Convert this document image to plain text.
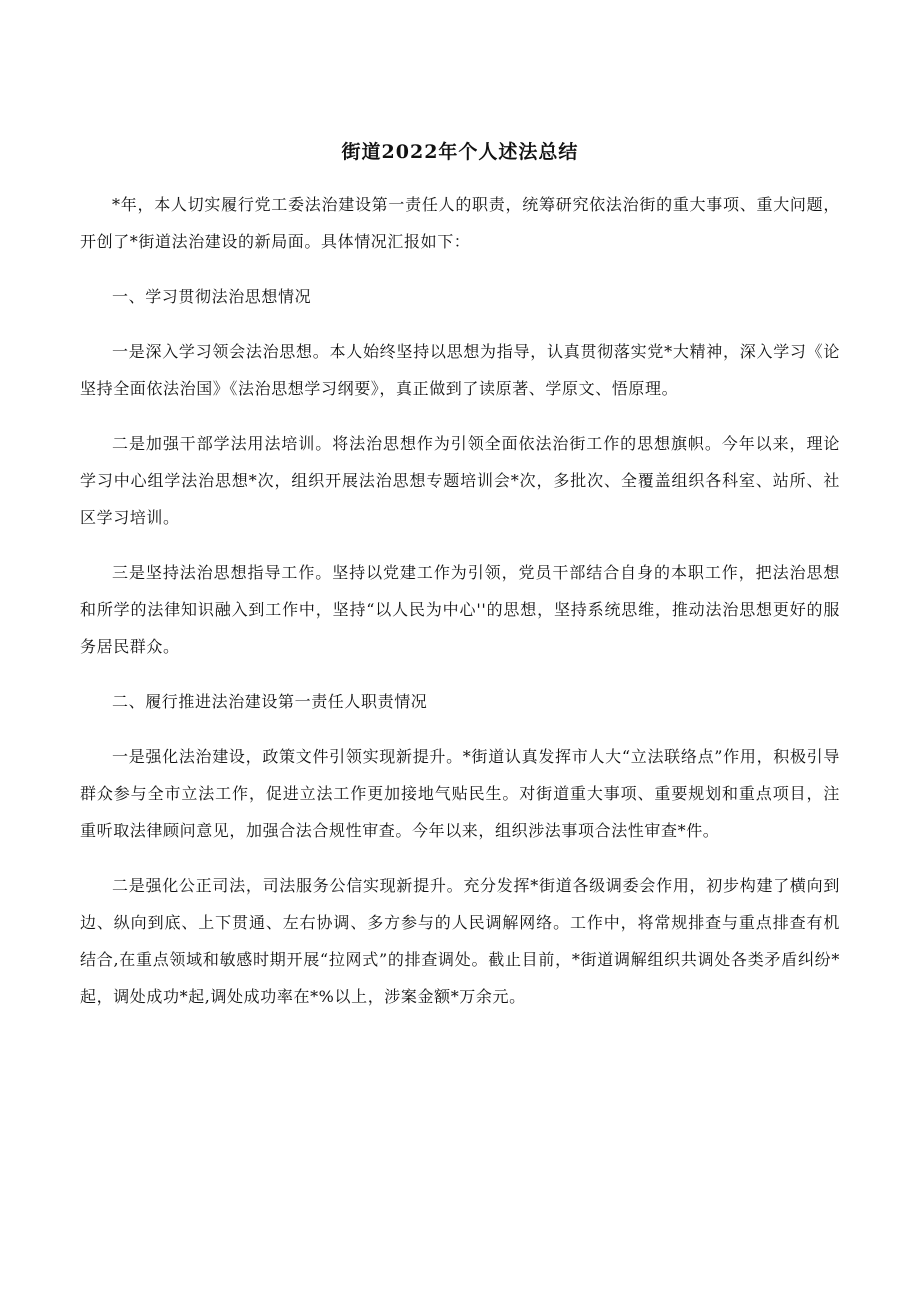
街道2022年个人述法总结

*年，本人切实履行党工委法治建设第一责任人的职责，统筹研究依法治街的重大事项、重大问题，开创了*街道法治建设的新局面。具体情况汇报如下：

一、学习贯彻法治思想情况

一是深入学习领会法治思想。本人始终坚持以思想为指导，认真贯彻落实党*大精神，深入学习《论坚持全面依法治国》《法治思想学习纲要》，真正做到了读原著、学原文、悟原理。

二是加强干部学法用法培训。将法治思想作为引领全面依法治街工作的思想旗帜。今年以来，理论学习中心组学法治思想*次，组织开展法治思想专题培训会*次，多批次、全覆盖组织各科室、站所、社区学习培训。

三是坚持法治思想指导工作。坚持以党建工作为引领，党员干部结合自身的本职工作，把法治思想和所学的法律知识融入到工作中，坚持“以人民为中心''的思想，坚持系统思维，推动法治思想更好的服务居民群众。

二、履行推进法治建设第一责任人职责情况

一是强化法治建设，政策文件引领实现新提升。*街道认真发挥市人大“立法联络点”作用，积极引导群众参与全市立法工作，促进立法工作更加接地气贴民生。对街道重大事项、重要规划和重点项目，注重听取法律顾问意见，加强合法合规性审查。今年以来，组织涉法事项合法性审查*件。

二是强化公正司法，司法服务公信实现新提升。充分发挥*街道各级调委会作用，初步构建了横向到边、纵向到底、上下贯通、左右协调、多方参与的人民调解网络。工作中，将常规排查与重点排查有机结合,在重点领域和敏感时期开展“拉网式”的排查调处。截止目前，*街道调解组织共调处各类矛盾纠纷*起，调处成功*起,调处成功率在*%以上，涉案金额*万余元。
